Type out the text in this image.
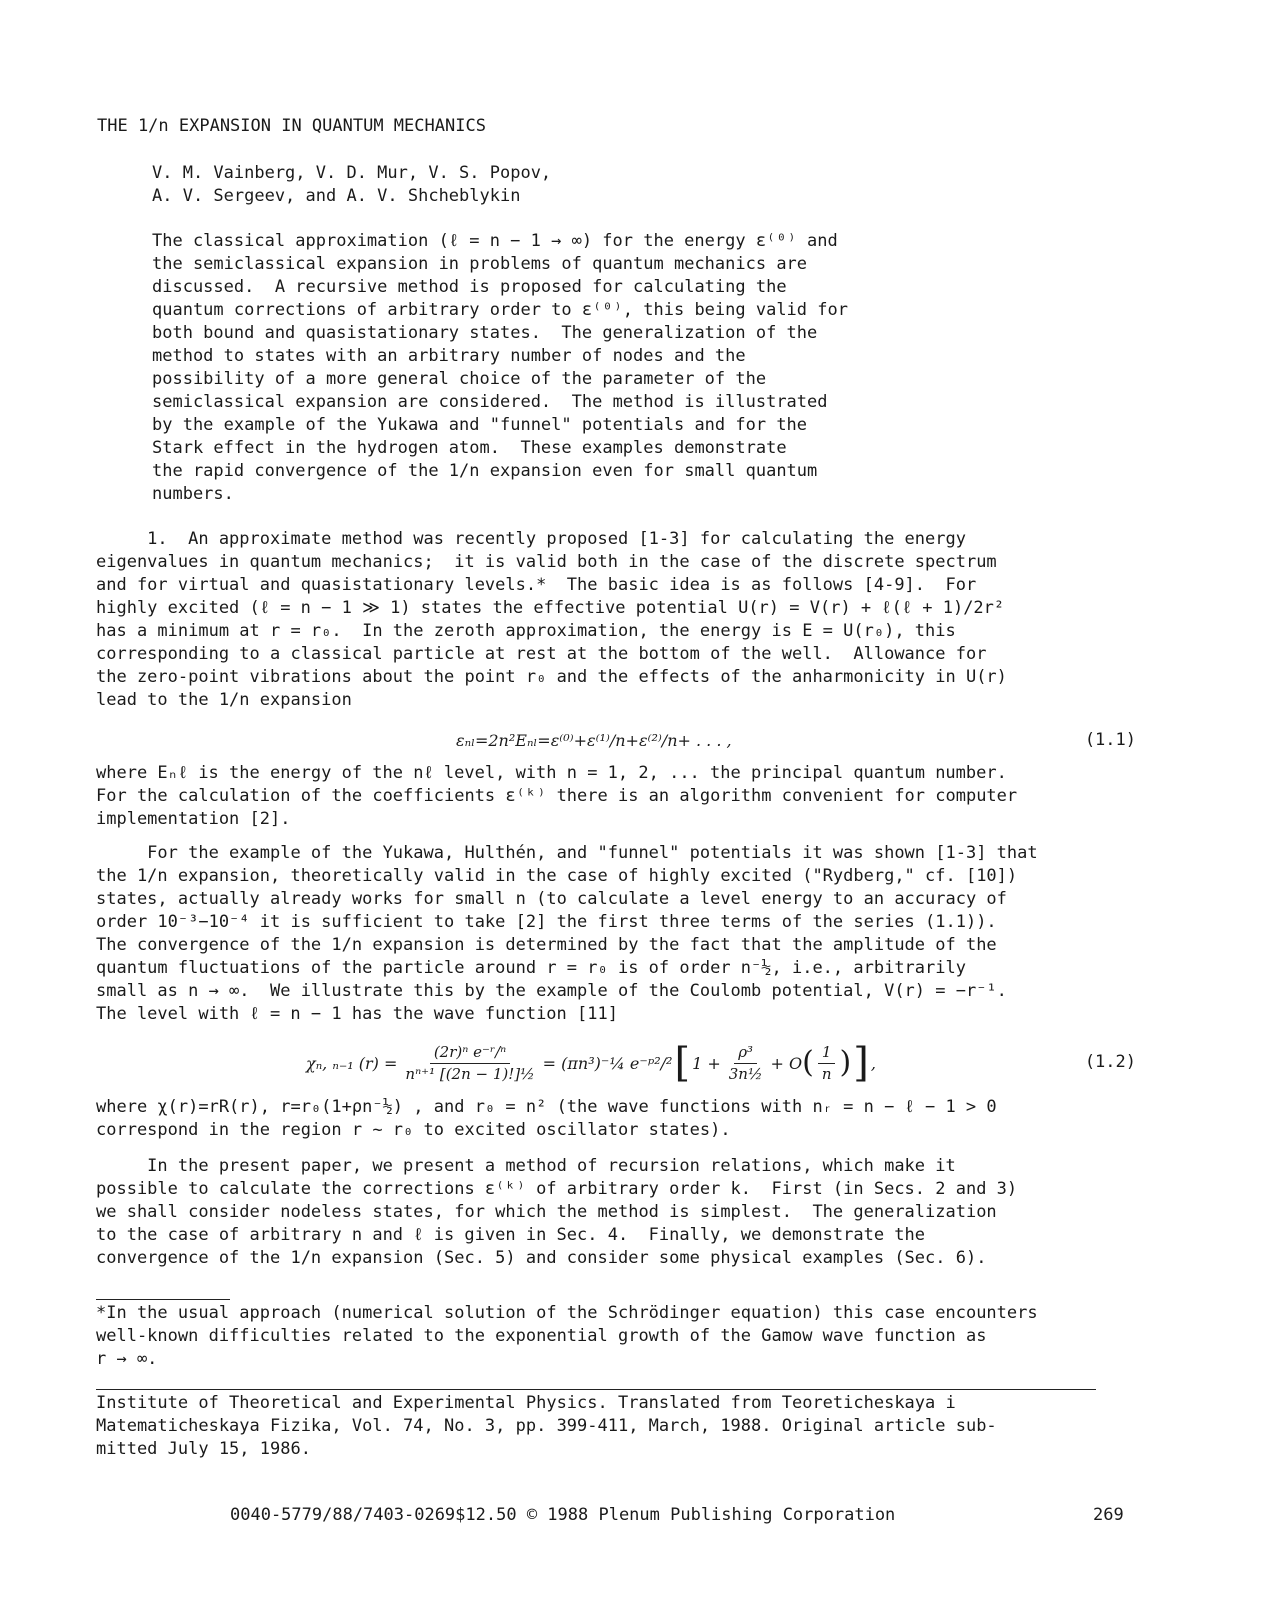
THE 1/n EXPANSION IN QUANTUM MECHANICS
V. M. Vainberg, V. D. Mur, V. S. Popov,
A. V. Sergeev, and A. V. Shcheblykin
The classical approximation (ℓ = n − 1 → ∞) for the energy ε⁽⁰⁾ and
the semiclassical expansion in problems of quantum mechanics are
discussed.  A recursive method is proposed for calculating the
quantum corrections of arbitrary order to ε⁽⁰⁾, this being valid for
both bound and quasistationary states.  The generalization of the
method to states with an arbitrary number of nodes and the
possibility of a more general choice of the parameter of the
semiclassical expansion are considered.  The method is illustrated
by the example of the Yukawa and "funnel" potentials and for the
Stark effect in the hydrogen atom.  These examples demonstrate
the rapid convergence of the 1/n expansion even for small quantum
numbers.
1.  An approximate method was recently proposed [1-3] for calculating the energy
eigenvalues in quantum mechanics;  it is valid both in the case of the discrete spectrum
and for virtual and quasistationary levels.*  The basic idea is as follows [4-9].  For
highly excited (ℓ = n − 1 ≫ 1) states the effective potential U(r) = V(r) + ℓ(ℓ + 1)/2r²
has a minimum at r = r₀.  In the zeroth approximation, the energy is E = U(r₀), this
corresponding to a classical particle at rest at the bottom of the well.  Allowance for
the zero-point vibrations about the point r₀ and the effects of the anharmonicity in U(r)
lead to the 1/n expansion
εₙₗ=2n²Eₙₗ=ε⁽⁰⁾+ε⁽¹⁾/n+ε⁽²⁾/n+ . . . ,	(1.1)
where Eₙℓ is the energy of the nℓ level, with n = 1, 2, ... the principal quantum number.
For the calculation of the coefficients ε⁽ᵏ⁾ there is an algorithm convenient for computer
implementation [2].
For the example of the Yukawa, Hulthén, and "funnel" potentials it was shown [1-3] that
the 1/n expansion, theoretically valid in the case of highly excited ("Rydberg," cf. [10])
states, actually already works for small n (to calculate a level energy to an accuracy of
order 10⁻³−10⁻⁴ it is sufficient to take [2] the first three terms of the series (1.1)).
The convergence of the 1/n expansion is determined by the fact that the amplitude of the
quantum fluctuations of the particle around r = r₀ is of order n⁻½, i.e., arbitrarily
small as n → ∞.  We illustrate this by the example of the Coulomb potential, V(r) = −r⁻¹.
The level with ℓ = n − 1 has the wave function [11]
χₙ, ₙ₋₁ $(r) = \frac{\text{(2r)ⁿ e⁻ʳ/ⁿ}}{\text{nⁿ⁺¹ [(2n − 1)!]½}}$ = (πn³)⁻¼ e⁻ᵖ²/² [ $1 + \frac{\text{ρ³}}{\text{3n½}} + O$ ( $\frac{1}{n}$ ) ] ,	(1.2)
where χ(r)=rR(r), r=r₀(1+ρn⁻½) , and r₀ = n² (the wave functions with nᵣ = n − ℓ − 1 > 0
correspond in the region r ~ r₀ to excited oscillator states).
In the present paper, we present a method of recursion relations, which make it
possible to calculate the corrections ε⁽ᵏ⁾ of arbitrary order k.  First (in Secs. 2 and 3)
we shall consider nodeless states, for which the method is simplest.  The generalization
to the case of arbitrary n and ℓ is given in Sec. 4.  Finally, we demonstrate the
convergence of the 1/n expansion (Sec. 5) and consider some physical examples (Sec. 6).
*In the usual approach (numerical solution of the Schrödinger equation) this case encounters
well-known difficulties related to the exponential growth of the Gamow wave function as
r → ∞.
Institute of Theoretical and Experimental Physics. Translated from Teoreticheskaya i
Matematicheskaya Fizika, Vol. 74, No. 3, pp. 399-411, March, 1988. Original article sub-
mitted July 15, 1986.
0040-5779/88/7403-0269$12.50 © 1988 Plenum Publishing Corporation	269
